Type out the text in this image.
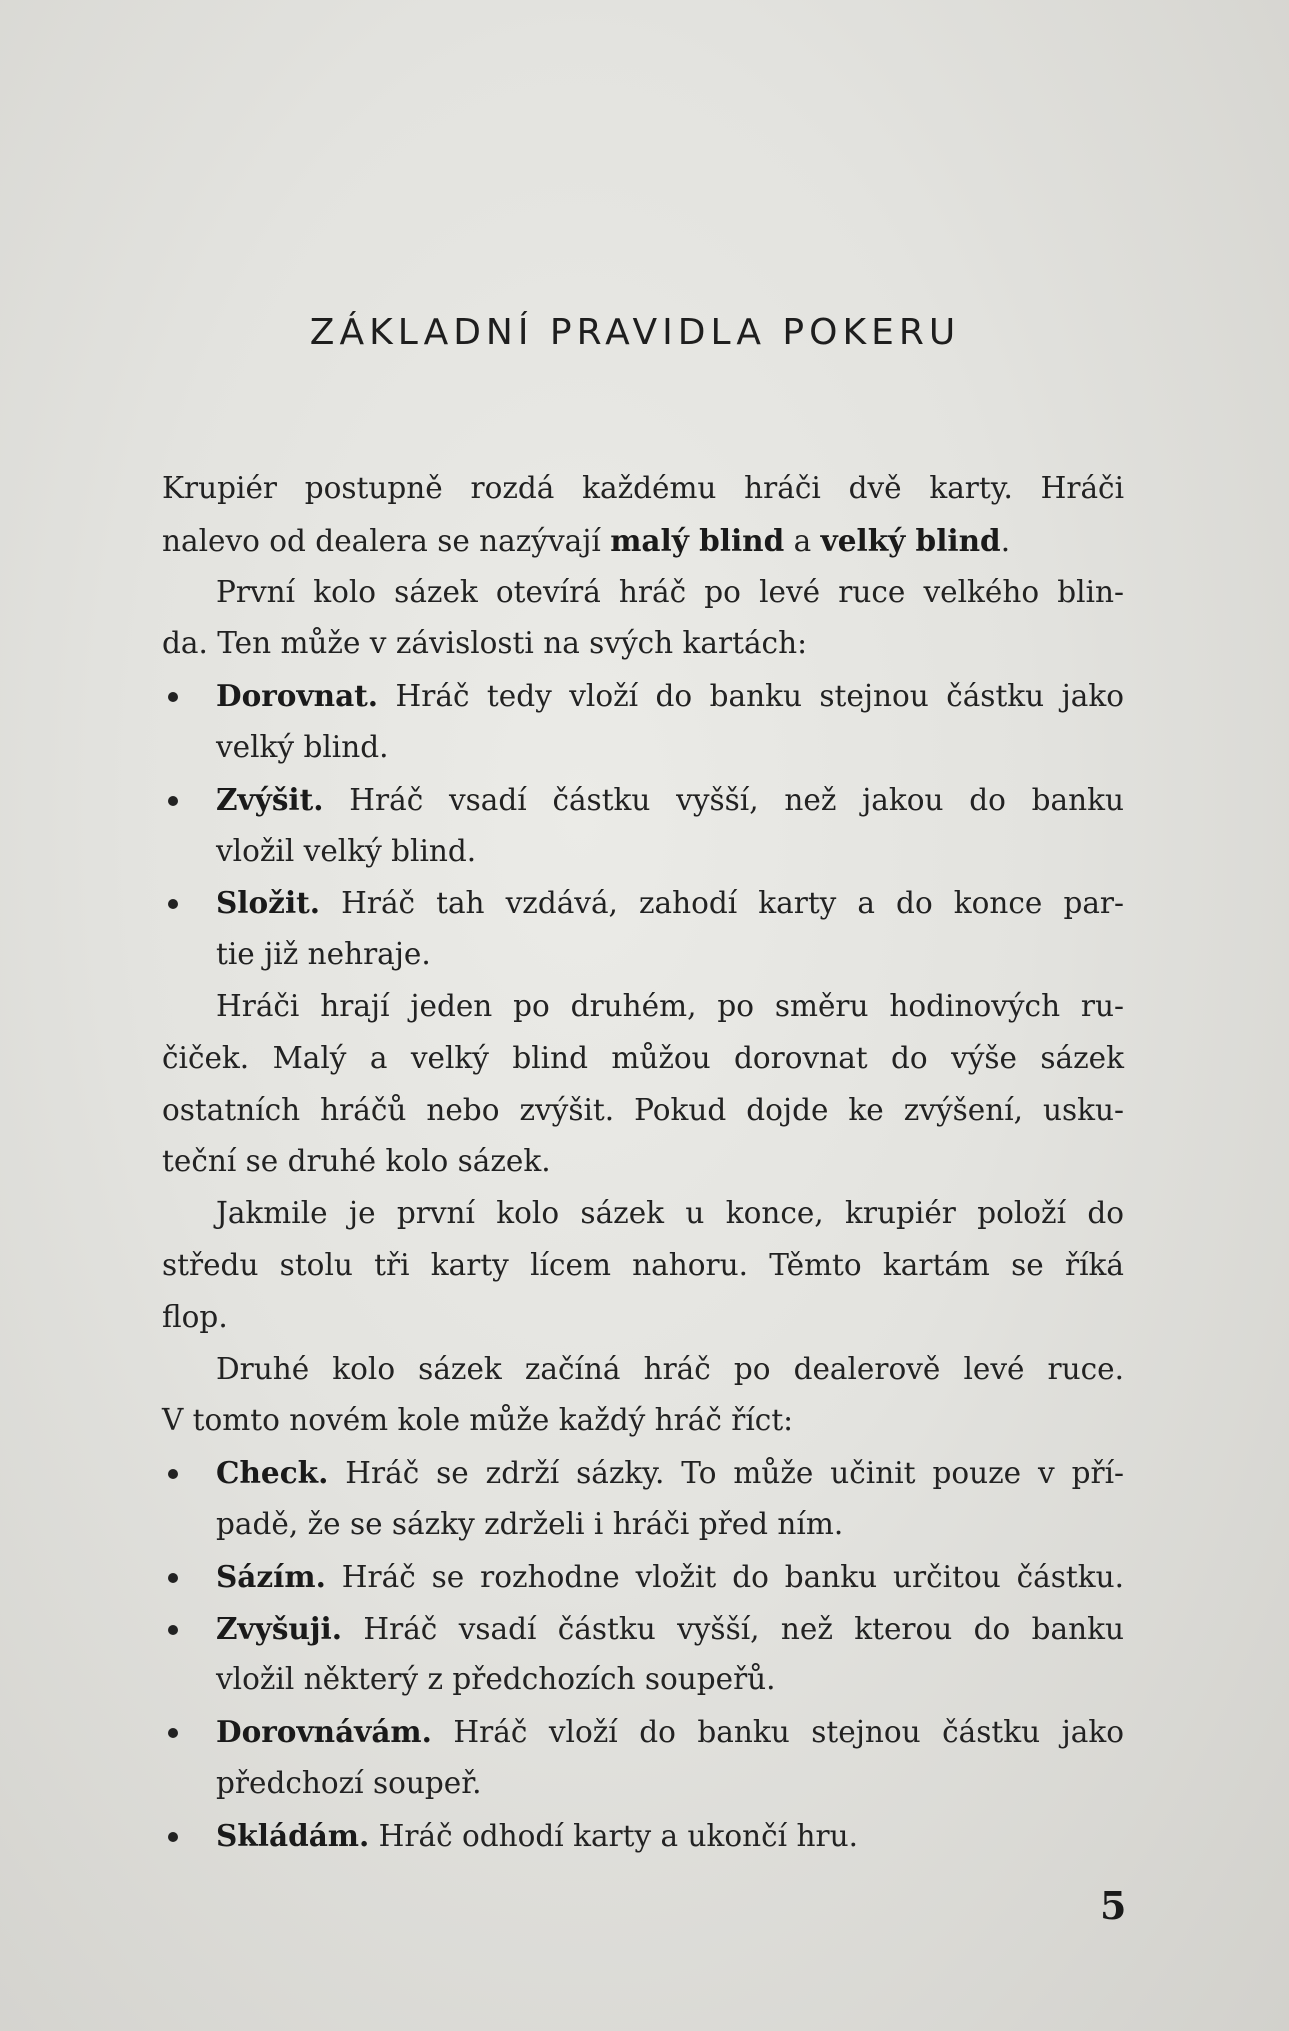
ZÁKLADNÍ PRAVIDLA POKERU
Krupiér postupně rozdá každému hráči dvě karty. Hráči
nalevo od dealera se nazývají malý blind a velký blind.
První kolo sázek otevírá hráč po levé ruce velkého blin-
da. Ten může v závislosti na svých kartách:
Dorovnat. Hráč tedy vloží do banku stejnou částku jako
velký blind.
Zvýšit. Hráč vsadí částku vyšší, než jakou do banku
vložil velký blind.
Složit. Hráč tah vzdává, zahodí karty a do konce par-
tie již nehraje.
Hráči hrají jeden po druhém, po směru hodinových ru-
čiček. Malý a velký blind můžou dorovnat do výše sázek
ostatních hráčů nebo zvýšit. Pokud dojde ke zvýšení, usku-
teční se druhé kolo sázek.
Jakmile je první kolo sázek u konce, krupiér položí do
středu stolu tři karty lícem nahoru. Těmto kartám se říká
flop.
Druhé kolo sázek začíná hráč po dealerově levé ruce.
V tomto novém kole může každý hráč říct:
Check. Hráč se zdrží sázky. To může učinit pouze v pří-
padě, že se sázky zdrželi i hráči před ním.
Sázím. Hráč se rozhodne vložit do banku určitou částku.
Zvyšuji. Hráč vsadí částku vyšší, než kterou do banku
vložil některý z předchozích soupeřů.
Dorovnávám. Hráč vloží do banku stejnou částku jako
předchozí soupeř.
Skládám. Hráč odhodí karty a ukončí hru.
5
